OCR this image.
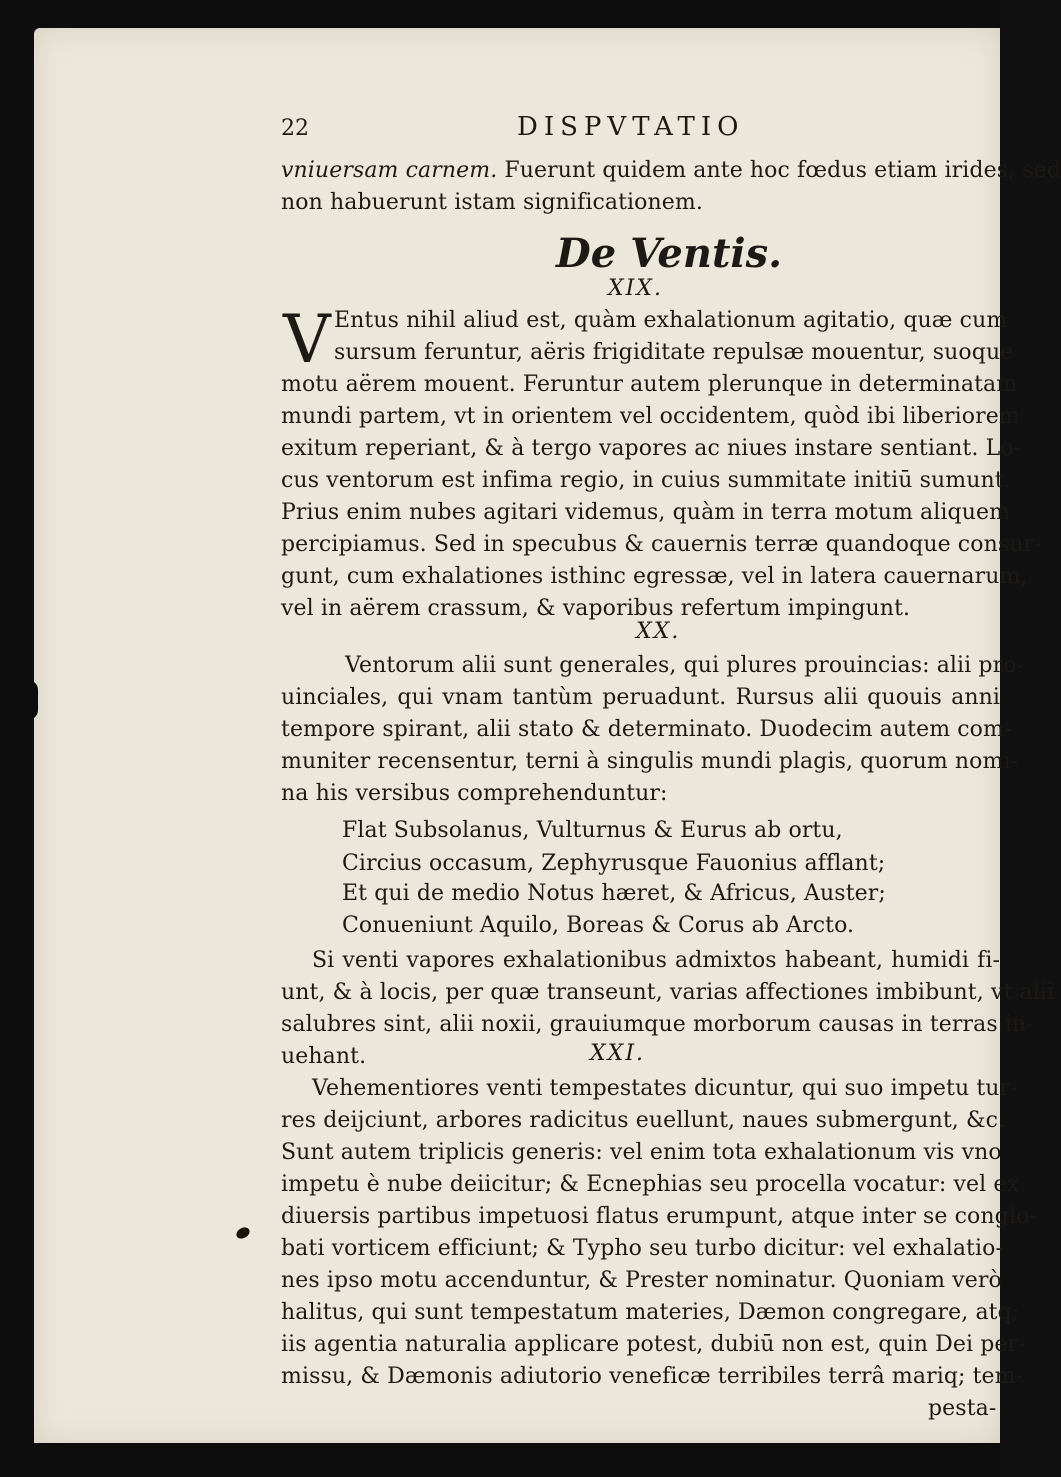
22	DISPVTATIO
vniuersam carnem. Fuerunt quidem ante hoc fœdus etiam irides, sed
non habuerunt istam significationem.
De Ventis.
XIX.
V Entus nihil aliud est, quàm exhalationum agitatio, quæ cum
sursum feruntur, aëris frigiditate repulsæ mouentur, suoque
motu aërem mouent. Feruntur autem plerunque in determinatam
mundi partem, vt in orientem vel occidentem, quòd ibi liberiorem
exitum reperiant, & à tergo vapores ac niues instare sentiant. Lo-
cus ventorum est infima regio, in cuius summitate initiū sumunt.
Prius enim nubes agitari videmus, quàm in terra motum aliquem
percipiamus. Sed in specubus & cauernis terræ quandoque consur-
gunt, cum exhalationes isthinc egressæ, vel in latera cauernarum,
vel in aërem crassum, & vaporibus refertum impingunt.
XX.
Ventorum alii sunt generales, qui plures prouincias: alii pro-
uinciales, qui vnam tantùm peruadunt. Rursus alii quouis anni
tempore spirant, alii stato & determinato. Duodecim autem com-
muniter recensentur, terni à singulis mundi plagis, quorum nomi-
na his versibus comprehenduntur:
Flat Subsolanus, Vulturnus & Eurus ab ortu,
Circius occasum, Zephyrusque Fauonius afflant;
Et qui de medio Notus hæret, & Africus, Auster;
Conueniunt Aquilo, Boreas & Corus ab Arcto.
Si venti vapores exhalationibus admixtos habeant, humidi fi-
unt, & à locis, per quæ transeunt, varias affectiones imbibunt, vt alii
salubres sint, alii noxii, grauiumque morborum causas in terras in-
uehant.	XXI.
Vehementiores venti tempestates dicuntur, qui suo impetu tur-
res deijciunt, arbores radicitus euellunt, naues submergunt, &c.
Sunt autem triplicis generis: vel enim tota exhalationum vis vno
impetu è nube deiicitur; & Ecnephias seu procella vocatur: vel ex
diuersis partibus impetuosi flatus erumpunt, atque inter se conglo-
bati vorticem efficiunt; & Typho seu turbo dicitur: vel exhalatio-
nes ipso motu accenduntur, & Prester nominatur. Quoniam verò
halitus, qui sunt tempestatum materies, Dæmon congregare, atq;
iis agentia naturalia applicare potest, dubiū non est, quin Dei per-
missu, & Dæmonis adiutorio veneficæ terribiles terrâ mariq; tem-
pesta-
